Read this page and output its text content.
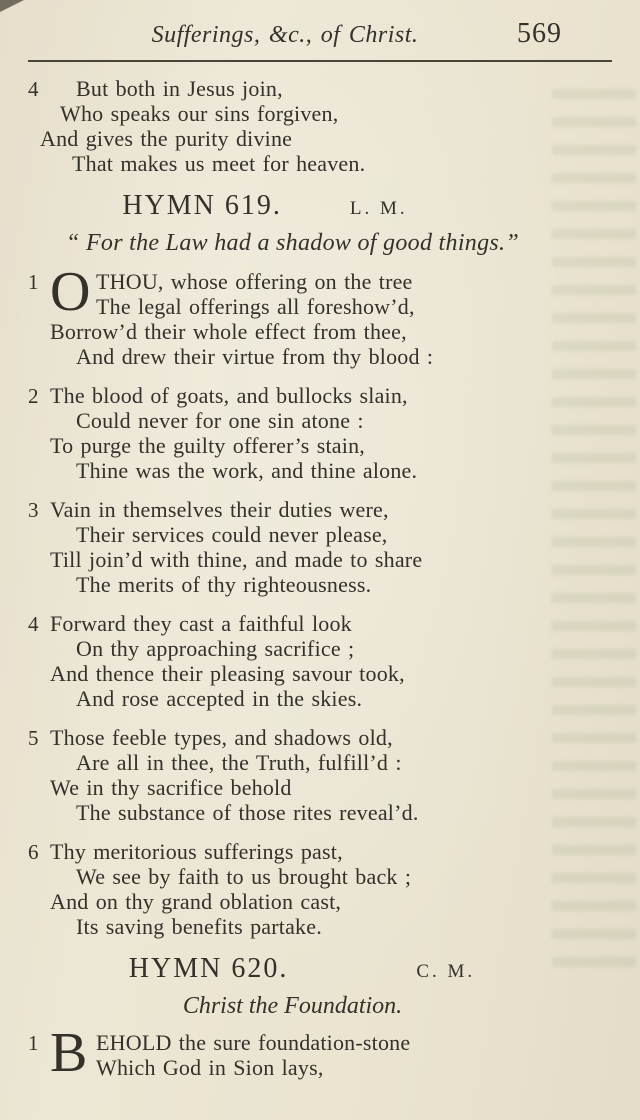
Sufferings, &c., of Christ.	569
4 But both in Jesus join,
Who speaks our sins forgiven,
And gives the purity divine
That makes us meet for heaven.
HYMN 619.	L. M.
“ For the Law had a shadow of good things.”
1 O THOU, whose offering on the tree
The legal offerings all foreshow’d,
Borrow’d their whole effect from thee,
And drew their virtue from thy blood :
2 The blood of goats, and bullocks slain,
Could never for one sin atone :
To purge the guilty offerer’s stain,
Thine was the work, and thine alone.
3 Vain in themselves their duties were,
Their services could never please,
Till join’d with thine, and made to share
The merits of thy righteousness.
4 Forward they cast a faithful look
On thy approaching sacrifice ;
And thence their pleasing savour took,
And rose accepted in the skies.
5 Those feeble types, and shadows old,
Are all in thee, the Truth, fulfill’d :
We in thy sacrifice behold
The substance of those rites reveal’d.
6 Thy meritorious sufferings past,
We see by faith to us brought back ;
And on thy grand oblation cast,
Its saving benefits partake.
HYMN 620.	C. M.
Christ the Foundation.
1 B EHOLD the sure foundation-stone
Which God in Sion lays,
